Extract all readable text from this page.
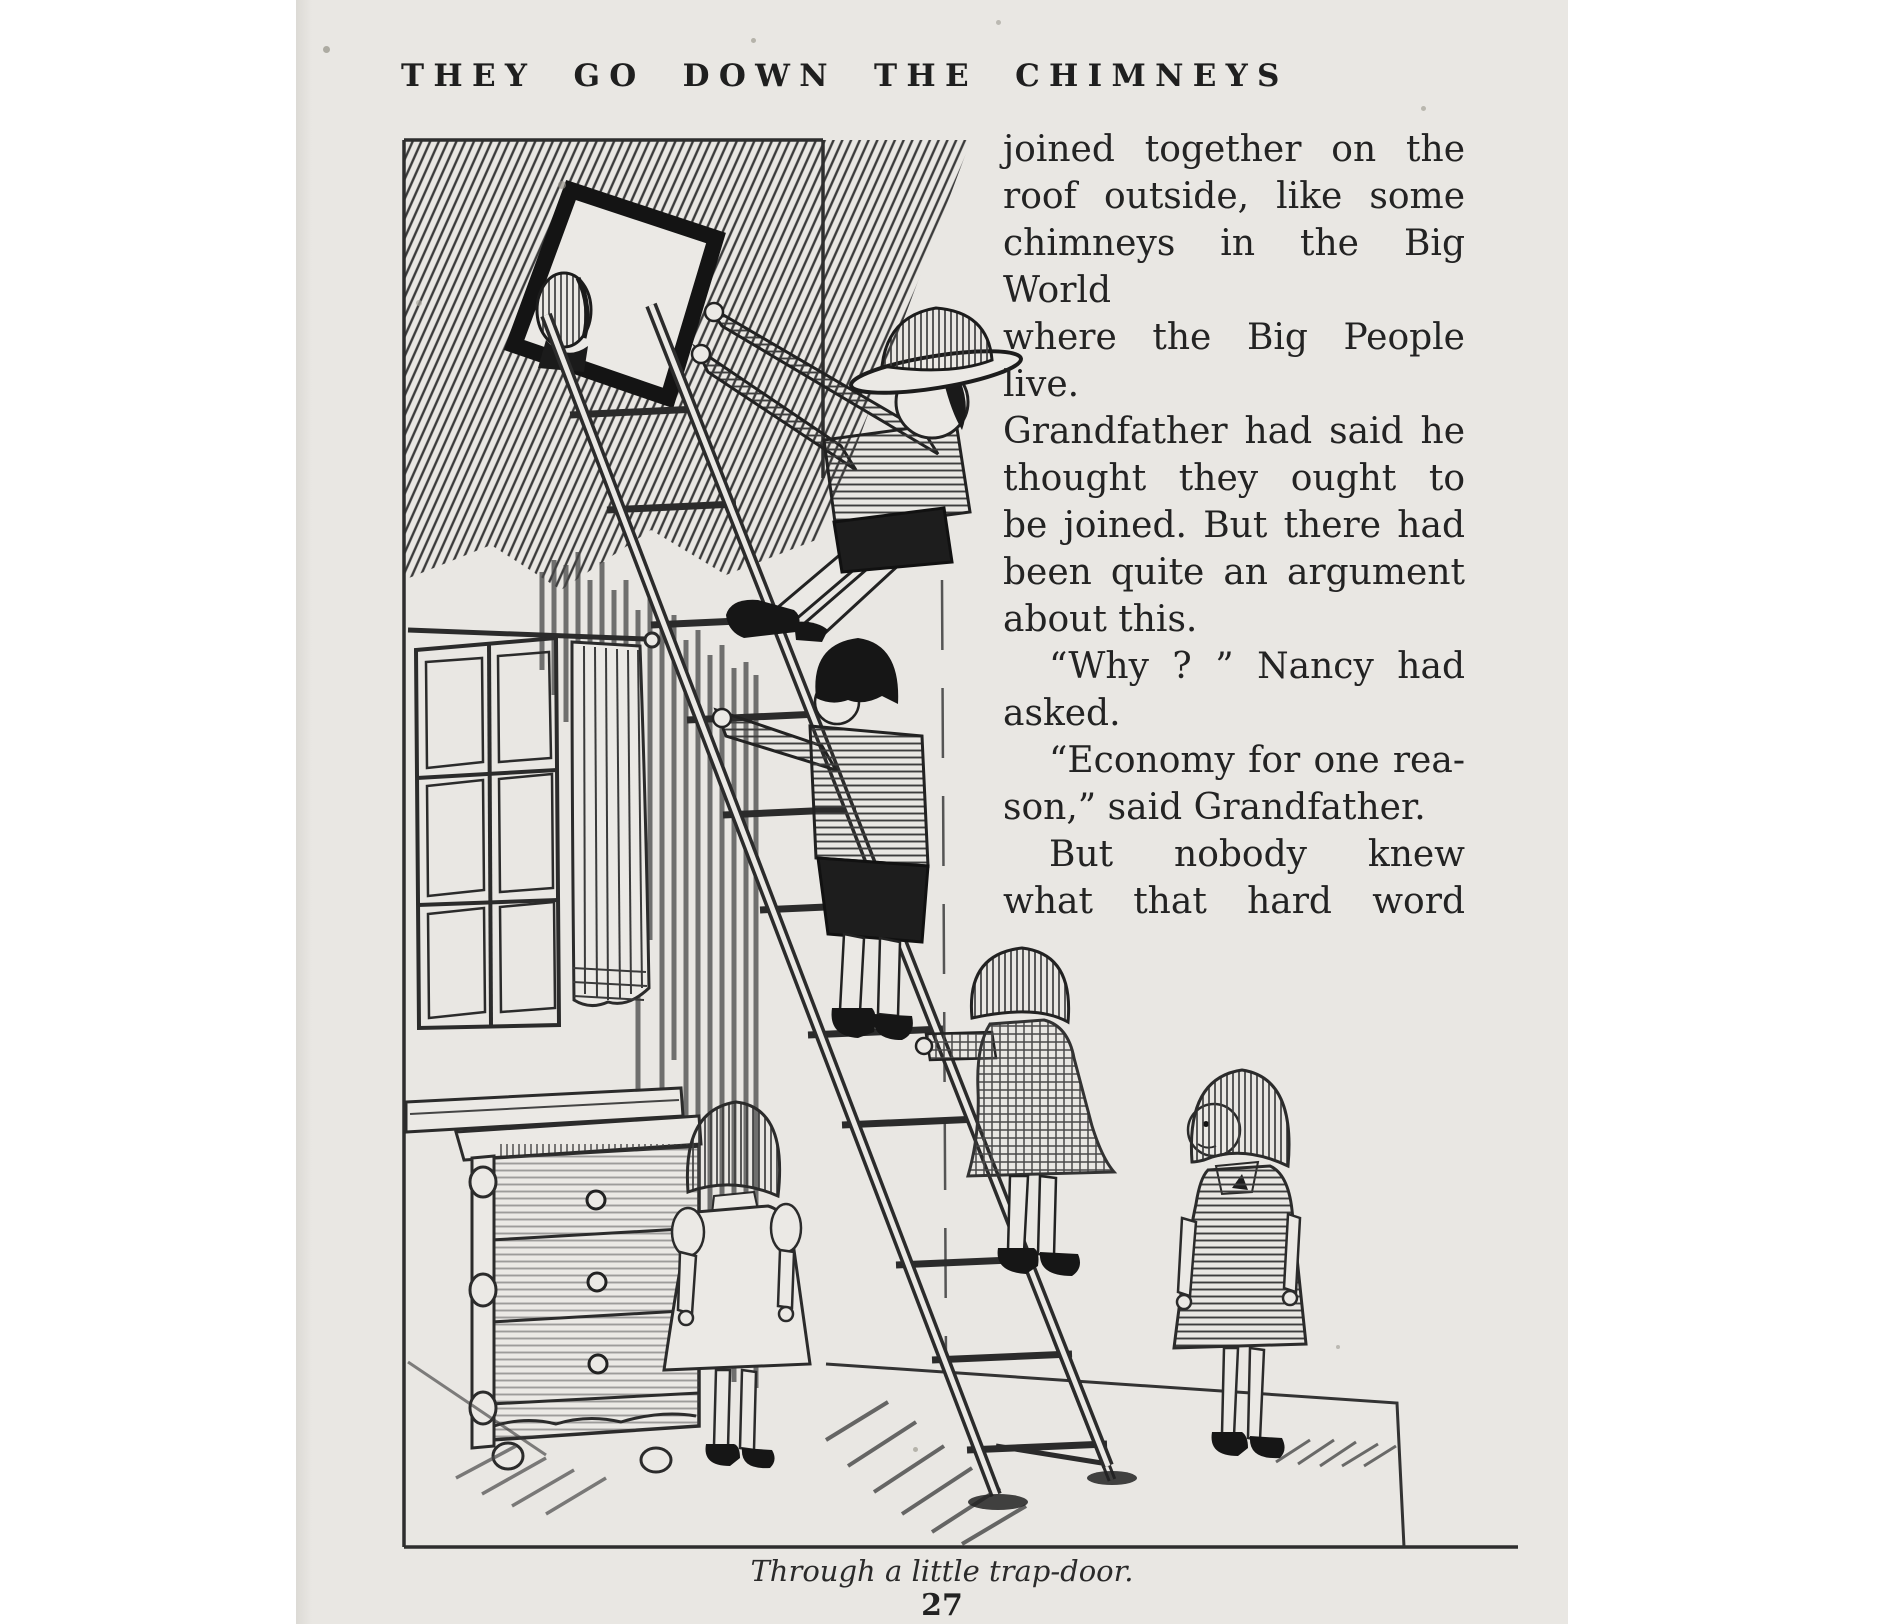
THEY GO DOWN THE CHIMNEYS
joined together on the
roof outside, like some
chimneys in the Big World
where the Big People live.
Grandfather had said he
thought they ought to
be joined. But there had
been quite an argument
about this.
“Why ? ” Nancy had
asked.
“Economy for one rea-
son,” said Grandfather.
But nobody knew
what that hard word
Through a little trap-door.
27
